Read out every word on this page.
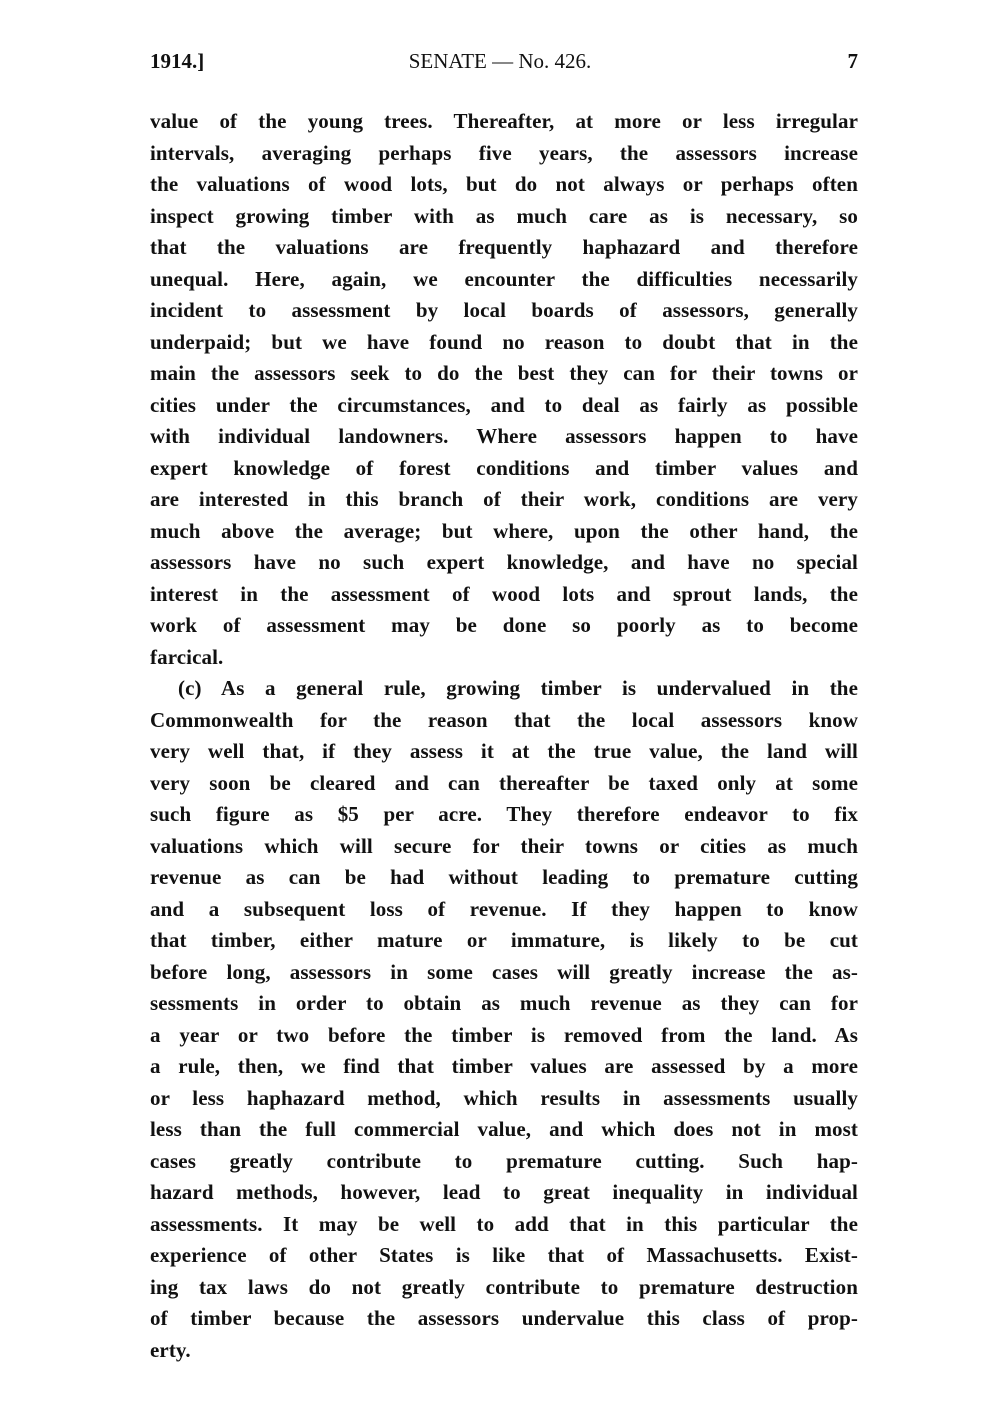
1914.]	SENATE — No. 426.	7
value of the young trees. Thereafter, at more or less irregular
intervals, averaging perhaps five years, the assessors increase
the valuations of wood lots, but do not always or perhaps often
inspect growing timber with as much care as is necessary, so
that the valuations are frequently haphazard and therefore
unequal. Here, again, we encounter the difficulties necessarily
incident to assessment by local boards of assessors, generally
underpaid; but we have found no reason to doubt that in the
main the assessors seek to do the best they can for their towns or
cities under the circumstances, and to deal as fairly as possible
with individual landowners. Where assessors happen to have
expert knowledge of forest conditions and timber values and
are interested in this branch of their work, conditions are very
much above the average; but where, upon the other hand, the
assessors have no such expert knowledge, and have no special
interest in the assessment of wood lots and sprout lands, the
work of assessment may be done so poorly as to become
farcical.
(c) As a general rule, growing timber is undervalued in the
Commonwealth for the reason that the local assessors know
very well that, if they assess it at the true value, the land will
very soon be cleared and can thereafter be taxed only at some
such figure as $5 per acre. They therefore endeavor to fix
valuations which will secure for their towns or cities as much
revenue as can be had without leading to premature cutting
and a subsequent loss of revenue. If they happen to know
that timber, either mature or immature, is likely to be cut
before long, assessors in some cases will greatly increase the as-
sessments in order to obtain as much revenue as they can for
a year or two before the timber is removed from the land. As
a rule, then, we find that timber values are assessed by a more
or less haphazard method, which results in assessments usually
less than the full commercial value, and which does not in most
cases greatly contribute to premature cutting. Such hap-
hazard methods, however, lead to great inequality in individual
assessments. It may be well to add that in this particular the
experience of other States is like that of Massachusetts. Exist-
ing tax laws do not greatly contribute to premature destruction
of timber because the assessors undervalue this class of prop-
erty.
